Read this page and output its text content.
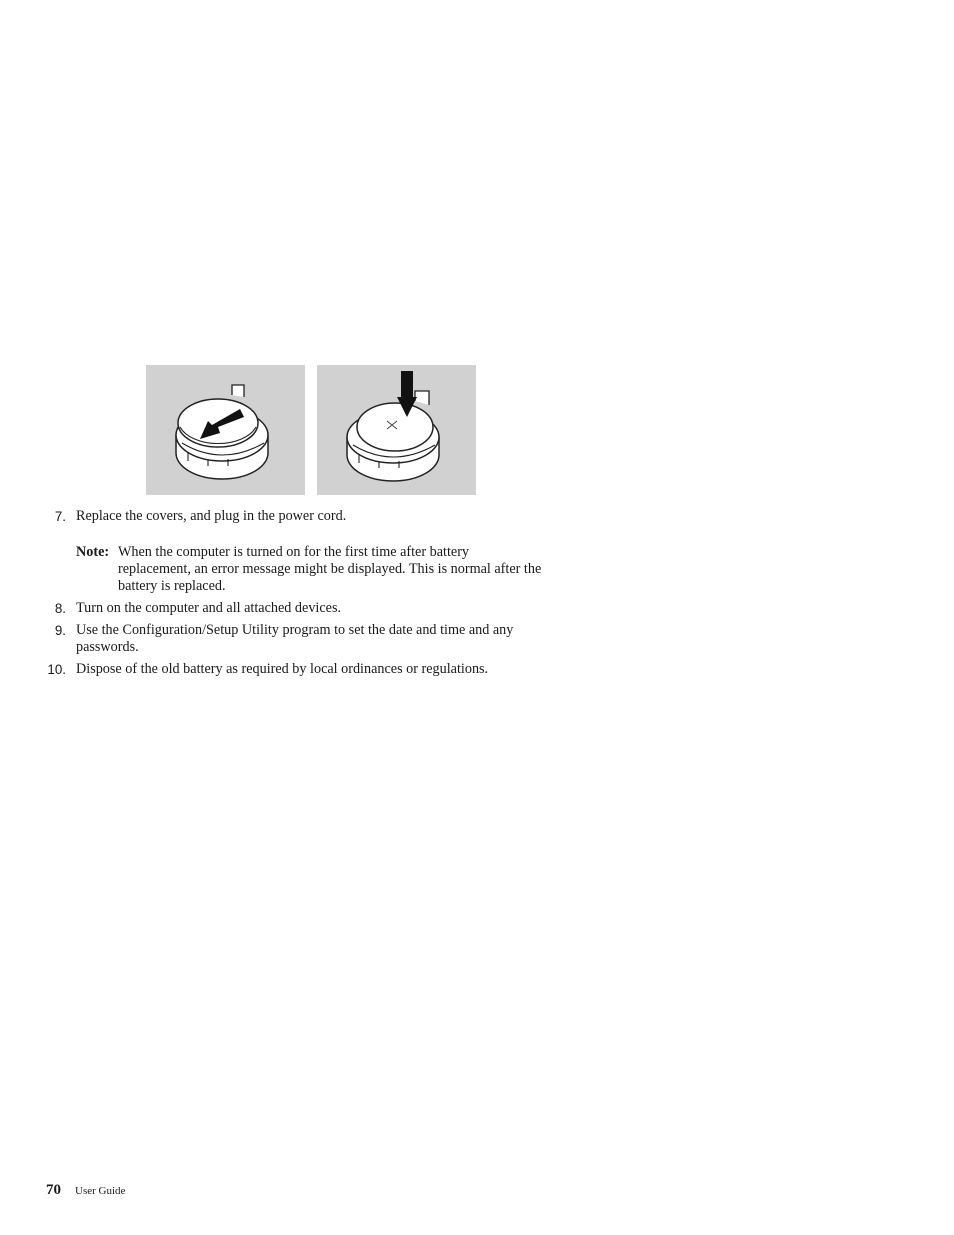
7. Replace the covers, and plug in the power cord.
Note: When the computer is turned on for the first time after battery replacement, an error message might be displayed. This is normal after the battery is replaced.
8. Turn on the computer and all attached devices.
9. Use the Configuration/Setup Utility program to set the date and time and any passwords.
10. Dispose of the old battery as required by local ordinances or regulations.
70 User Guide
